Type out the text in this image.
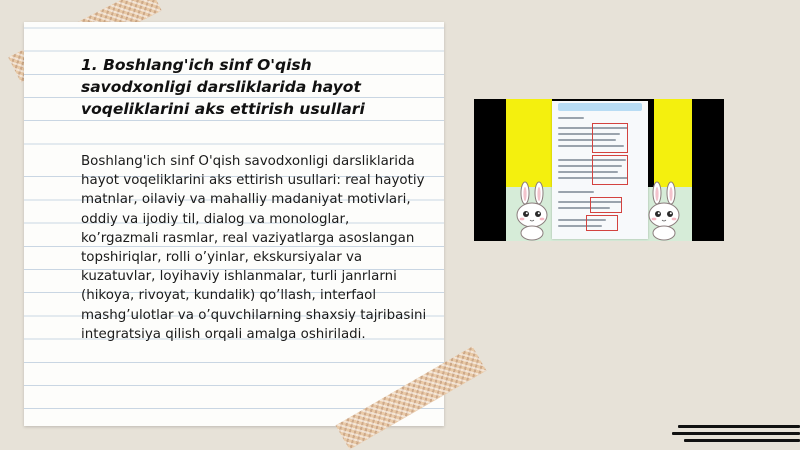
1. Boshlang'ich sinf O'qish savodxonligi darsliklarida hayot voqeliklarini aks ettirish usullari

Boshlang'ich sinf O'qish savodxonligi darsliklarida hayot voqeliklarini aks ettirish usullari: real hayotiy matnlar, oilaviy va mahalliy madaniyat motivlari, oddiy va ijodiy til, dialog va monologlar, ko’rgazmali rasmlar, real vaziyatlarga asoslangan topshiriqlar, rolli o’yinlar, ekskursiyalar va kuzatuvlar, loyihaviy ishlanmalar, turli janrlarni (hikoya, rivoyat, kundalik) qo’llash, interfaol mashg’ulotlar va o’quvchilarning shaxsiy tajribasini integratsiya qilish orqali amalga oshiriladi.
